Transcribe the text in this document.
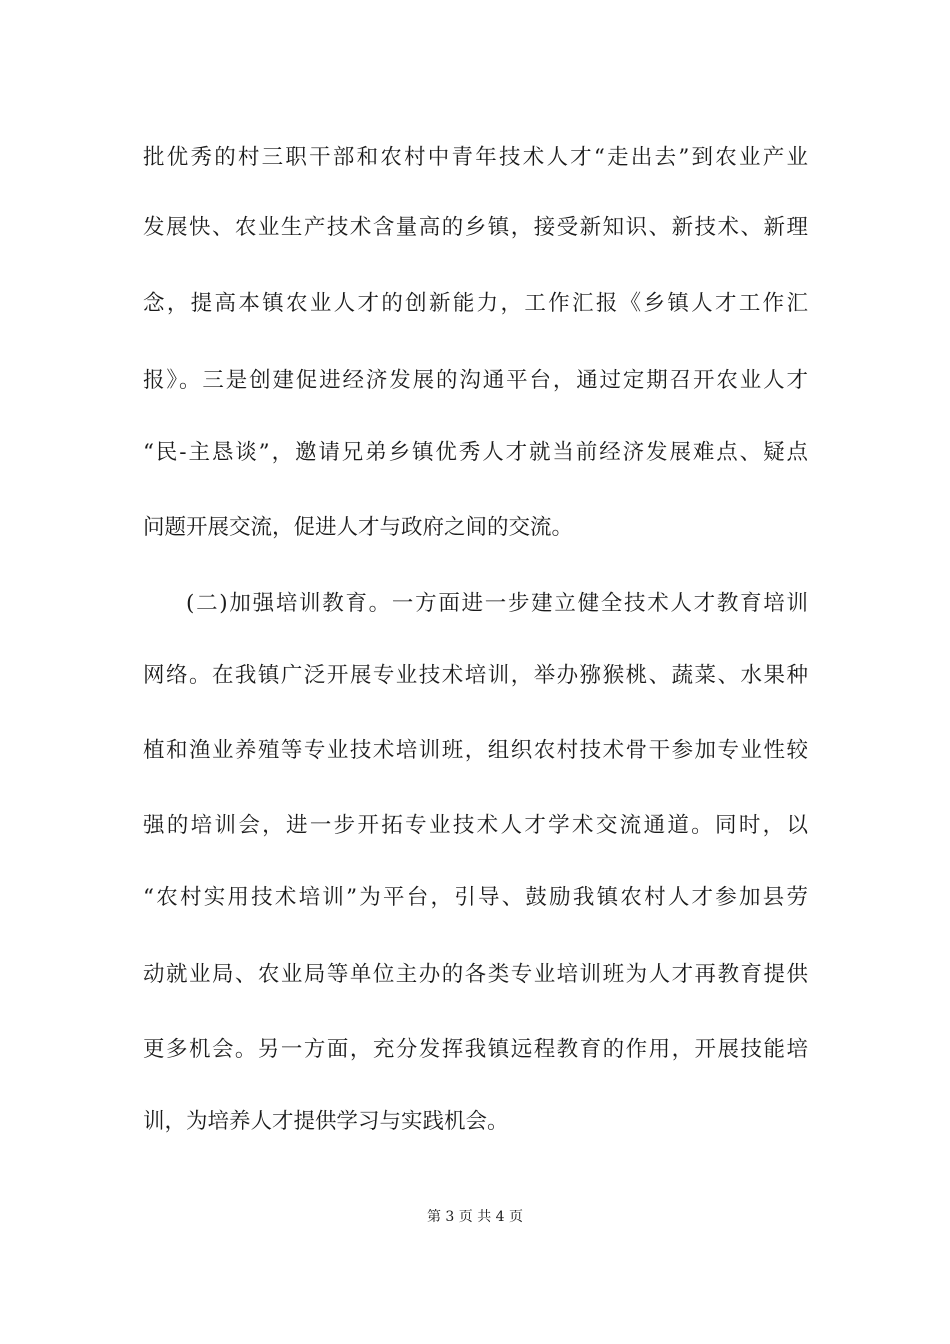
批优秀的村三职干部和农村中青年技术人才“走出去”到农业产业
发展快、农业生产技术含量高的乡镇，接受新知识、新技术、新理
念，提高本镇农业人才的创新能力，工作汇报《乡镇人才工作汇
报》。三是创建促进经济发展的沟通平台，通过定期召开农业人才
“民-主恳谈”，邀请兄弟乡镇优秀人才就当前经济发展难点、疑点
问题开展交流，促进人才与政府之间的交流。
(二)加强培训教育。一方面进一步建立健全技术人才教育培训
网络。在我镇广泛开展专业技术培训，举办猕猴桃、蔬菜、水果种
植和渔业养殖等专业技术培训班，组织农村技术骨干参加专业性较
强的培训会，进一步开拓专业技术人才学术交流通道。同时，以
“农村实用技术培训”为平台，引导、鼓励我镇农村人才参加县劳
动就业局、农业局等单位主办的各类专业培训班为人才再教育提供
更多机会。另一方面，充分发挥我镇远程教育的作用，开展技能培
训，为培养人才提供学习与实践机会。
第 3 页 共 4 页
